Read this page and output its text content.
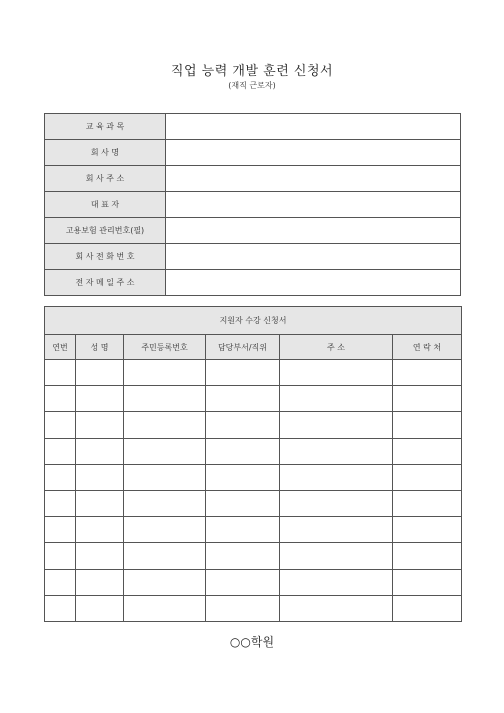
직업 능력 개발 훈련 신청서
(재직 근로자)
교 육 과 목	
회 사 명	
회 사 주 소	
대 표 자	
고용보험 관리번호(필)	
회 사 전 화 번 호	
전 자 메 일 주 소	
지원자 수강 신청서					
연번	성 명	주민등록번호	담당부서/직위	주 소	연 락 처

○○학원
